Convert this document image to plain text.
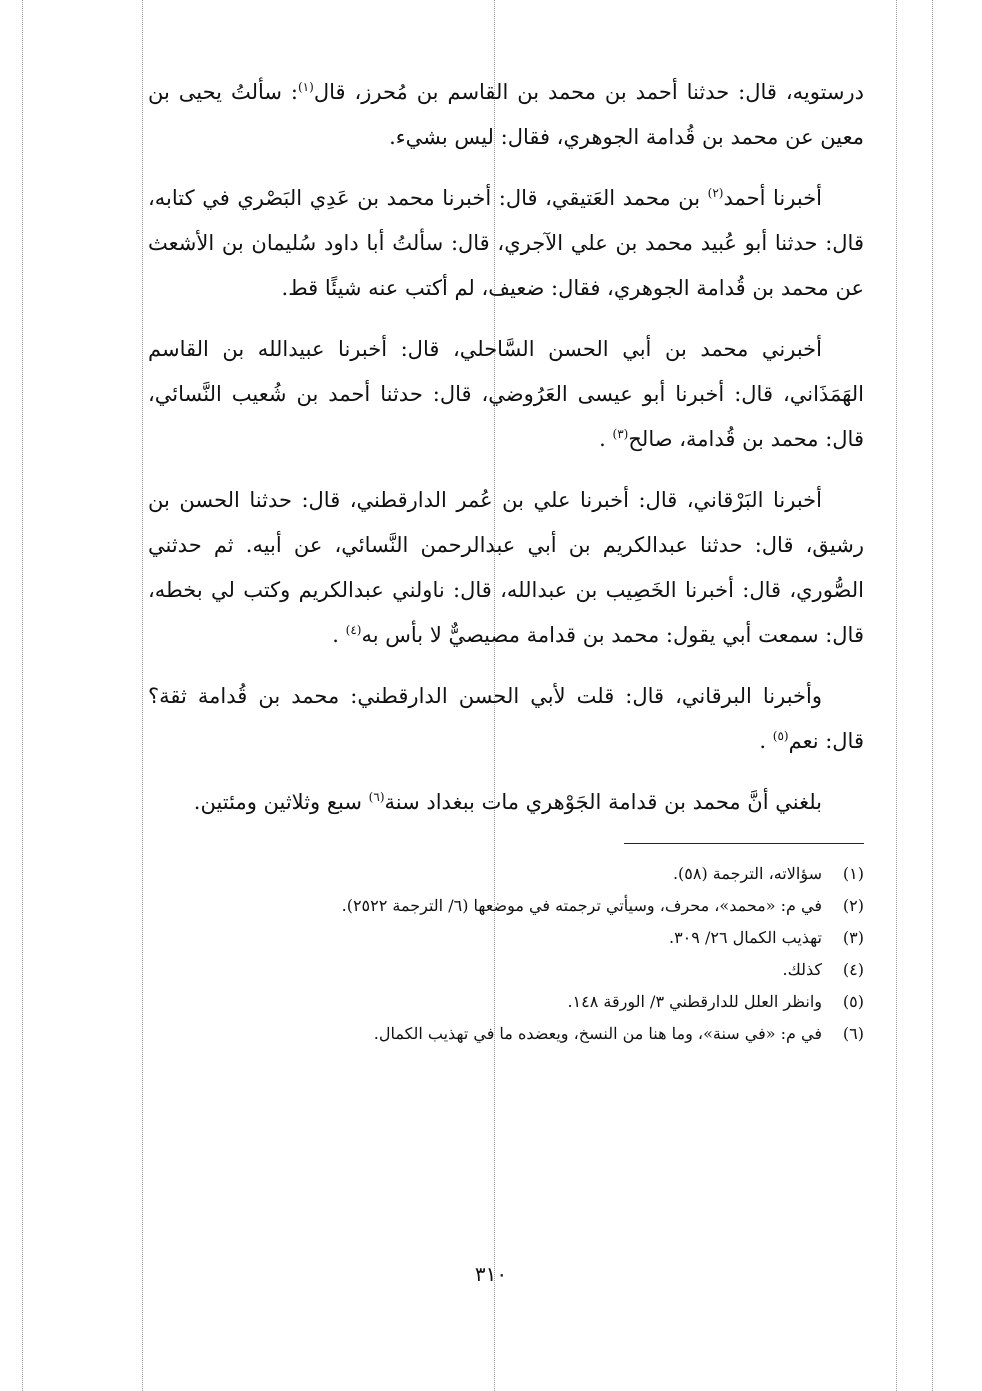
درستويه، قال: حدثنا أحمد بن محمد بن القاسم بن مُحرز، قال$^{(١)}$: سألتُ يحيى بن معين عن محمد بن قُدامة الجوهري، فقال: ليس بشيء.

أخبرنا أحمد$^{(٢)}$ بن محمد العَتيقي، قال: أخبرنا محمد بن عَدِي البَصْري في كتابه، قال: حدثنا أبو عُبيد محمد بن علي الآجري، قال: سألتُ أبا داود سُليمان بن الأشعث عن محمد بن قُدامة الجوهري، فقال: ضعيف، لم أكتب عنه شيئًا قط.

أخبرني محمد بن أبي الحسن السَّاحلي، قال: أخبرنا عبيدالله بن القاسم الهَمَذَاني، قال: أخبرنا أبو عيسى العَرُوضي، قال: حدثنا أحمد بن شُعيب النَّسائي، قال: محمد بن قُدامة، صالح$^{(٣)}$ .

أخبرنا البَرْقاني، قال: أخبرنا علي بن عُمر الدارقطني، قال: حدثنا الحسن بن رشيق، قال: حدثنا عبدالكريم بن أبي عبدالرحمن النَّسائي، عن أبيه. ثم حدثني الصُّوري، قال: أخبرنا الخَصِيب بن عبدالله، قال: ناولني عبدالكريم وكتب لي بخطه، قال: سمعت أبي يقول: محمد بن قدامة مصيصيٌّ لا بأس به$^{(٤)}$ .

وأخبرنا البرقاني، قال: قلت لأبي الحسن الدارقطني: محمد بن قُدامة ثقة؟ قال: نعم$^{(٥)}$ .

بلغني أنَّ محمد بن قدامة الجَوْهري مات ببغداد سنة$^{(٦)}$ سبع وثلاثين ومئتين.

(١)
سؤالاته، الترجمة (٥٨).
(٢)
في م: «محمد»، محرف، وسيأتي ترجمته في موضعها (٦/ الترجمة ٢٥٢٢).
(٣)
تهذيب الكمال ٢٦/ ٣٠٩.
(٤)
كذلك.
(٥)
وانظر العلل للدارقطني ٣/ الورقة ١٤٨.
(٦)
في م: «في سنة»، وما هنا من النسخ، ويعضده ما في تهذيب الكمال.
٣١٠
